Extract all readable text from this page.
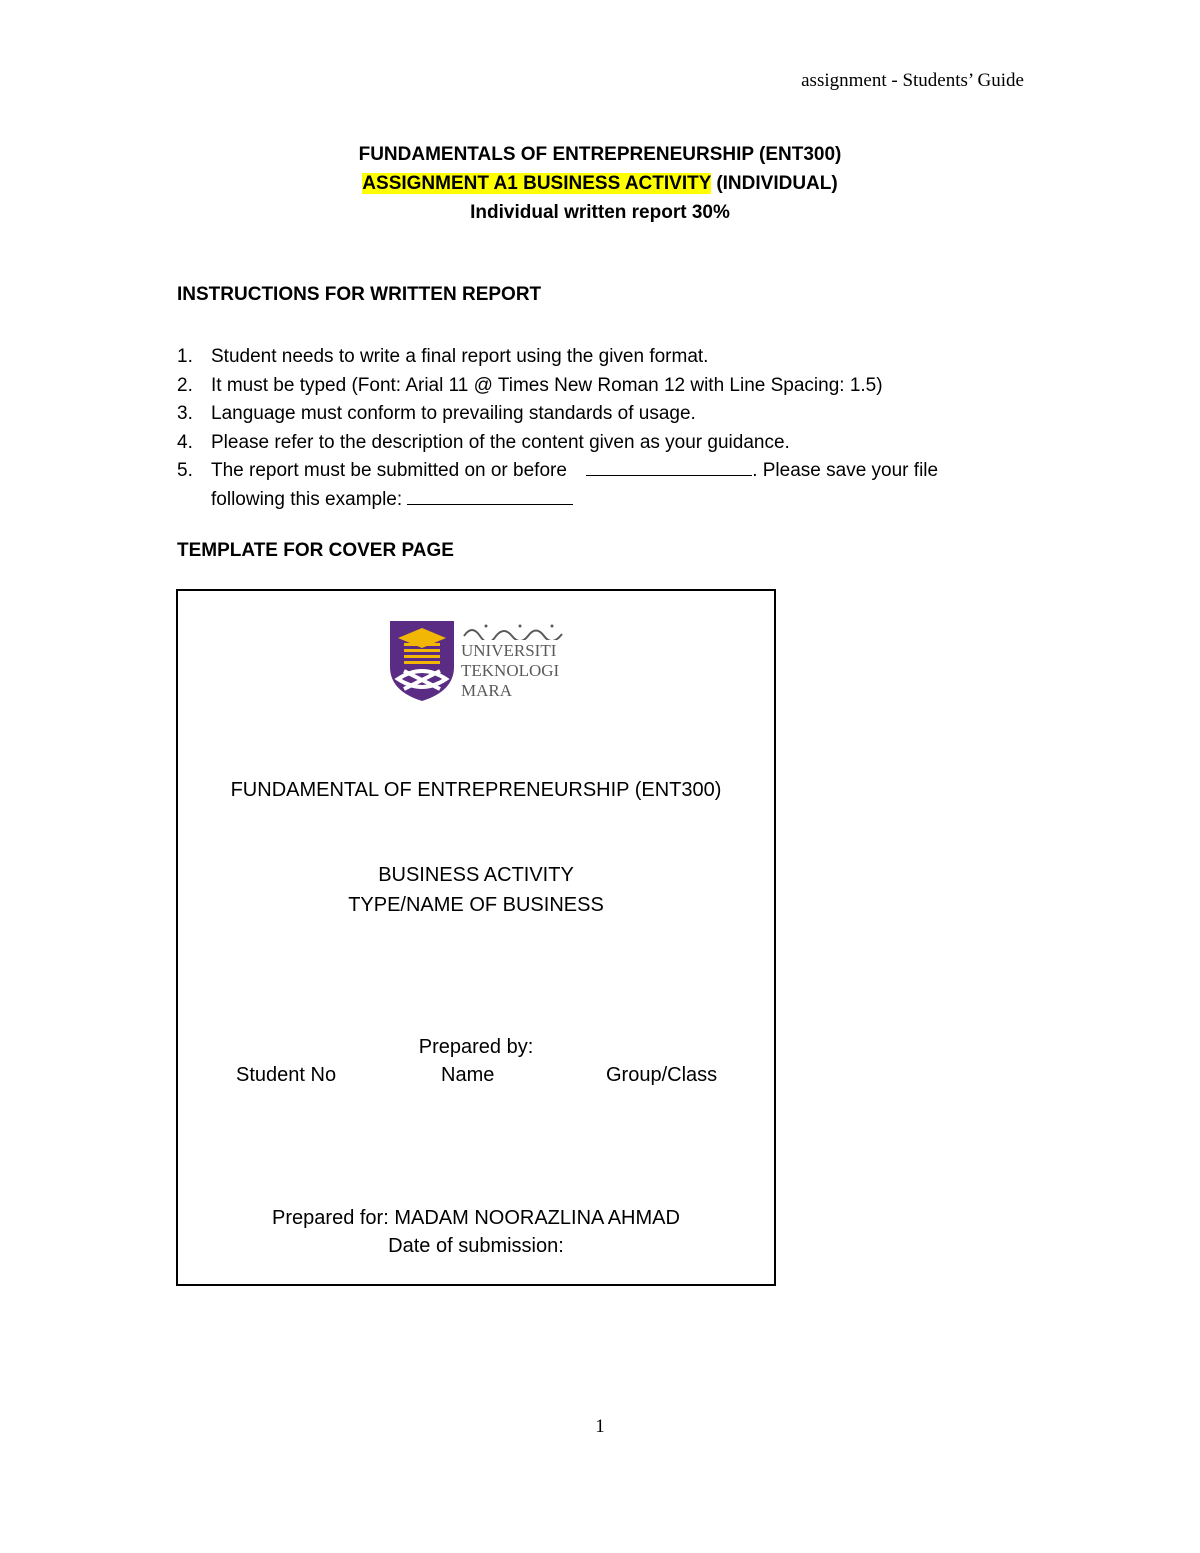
assignment - Students’ Guide
FUNDAMENTALS OF ENTREPRENEURSHIP (ENT300)
ASSIGNMENT A1 BUSINESS ACTIVITY (INDIVIDUAL)
Individual written report 30%
INSTRUCTIONS FOR WRITTEN REPORT
1. Student needs to write a final report using the given format.
2. It must be typed (Font: Arial 11 @ Times New Roman 12 with Line Spacing: 1.5)
3. Language must conform to prevailing standards of usage.
4. Please refer to the description of the content given as your guidance.
5. The report must be submitted on or before	. Please save your file
following this example:
TEMPLATE FOR COVER PAGE
UNIVERSITI
TEKNOLOGI
MARA
FUNDAMENTAL OF ENTREPRENEURSHIP (ENT300)
BUSINESS ACTIVITY
TYPE/NAME OF BUSINESS
Prepared by:
Student No	Name	Group/Class
Prepared for: MADAM NOORAZLINA AHMAD
Date of submission:
1
